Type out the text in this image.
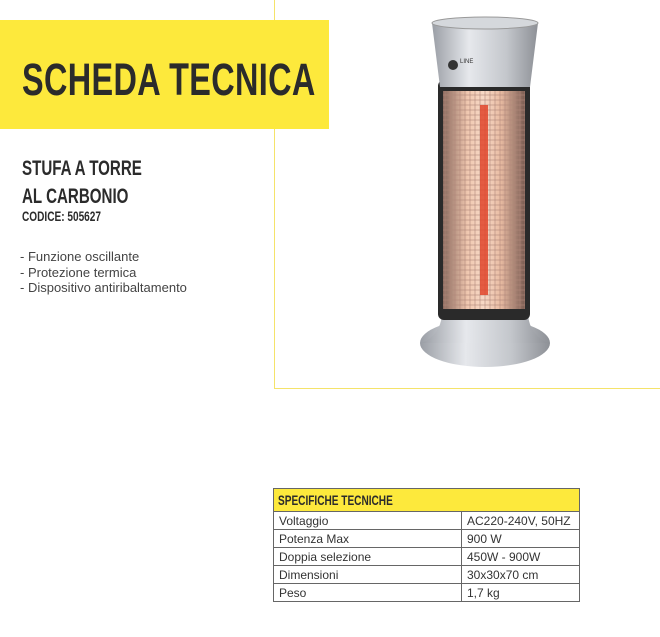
SCHEDA TECNICA
STUFA A TORRE
AL CARBONIO
CODICE: 505627
- Funzione oscillante
- Protezione termica
- Dispositivo antiribaltamento
LINE
SPECIFICHE TECNICHE	
Voltaggio	AC220-240V, 50HZ
Potenza Max	900 W
Doppia selezione	450W - 900W
Dimensioni	30x30x70 cm
Peso	1,7 kg
